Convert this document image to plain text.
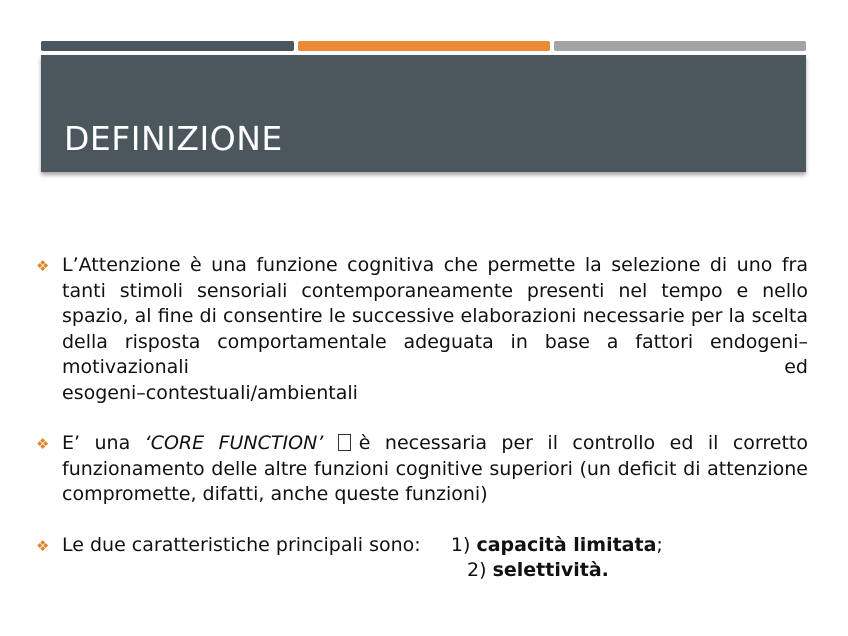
DEFINIZIONE
❖ L’Attenzione è una funzione cognitiva che permette la selezione di uno fra tanti stimoli sensoriali contemporaneamente presenti nel tempo e nello spazio, al fine di consentire le successive elaborazioni necessarie per la scelta della risposta comportamentale adeguata in base a fattori endogeni–motivazionali ed
esogeni–contestuali/ambientali
❖ E’ una ‘CORE FUNCTION’ è necessaria per il controllo ed il corretto funzionamento delle altre funzioni cognitive superiori (un deficit di attenzione compromette, difatti, anche queste funzioni)
❖ Le due caratteristiche principali sono: 1) capacità limitata;
2) selettività.
